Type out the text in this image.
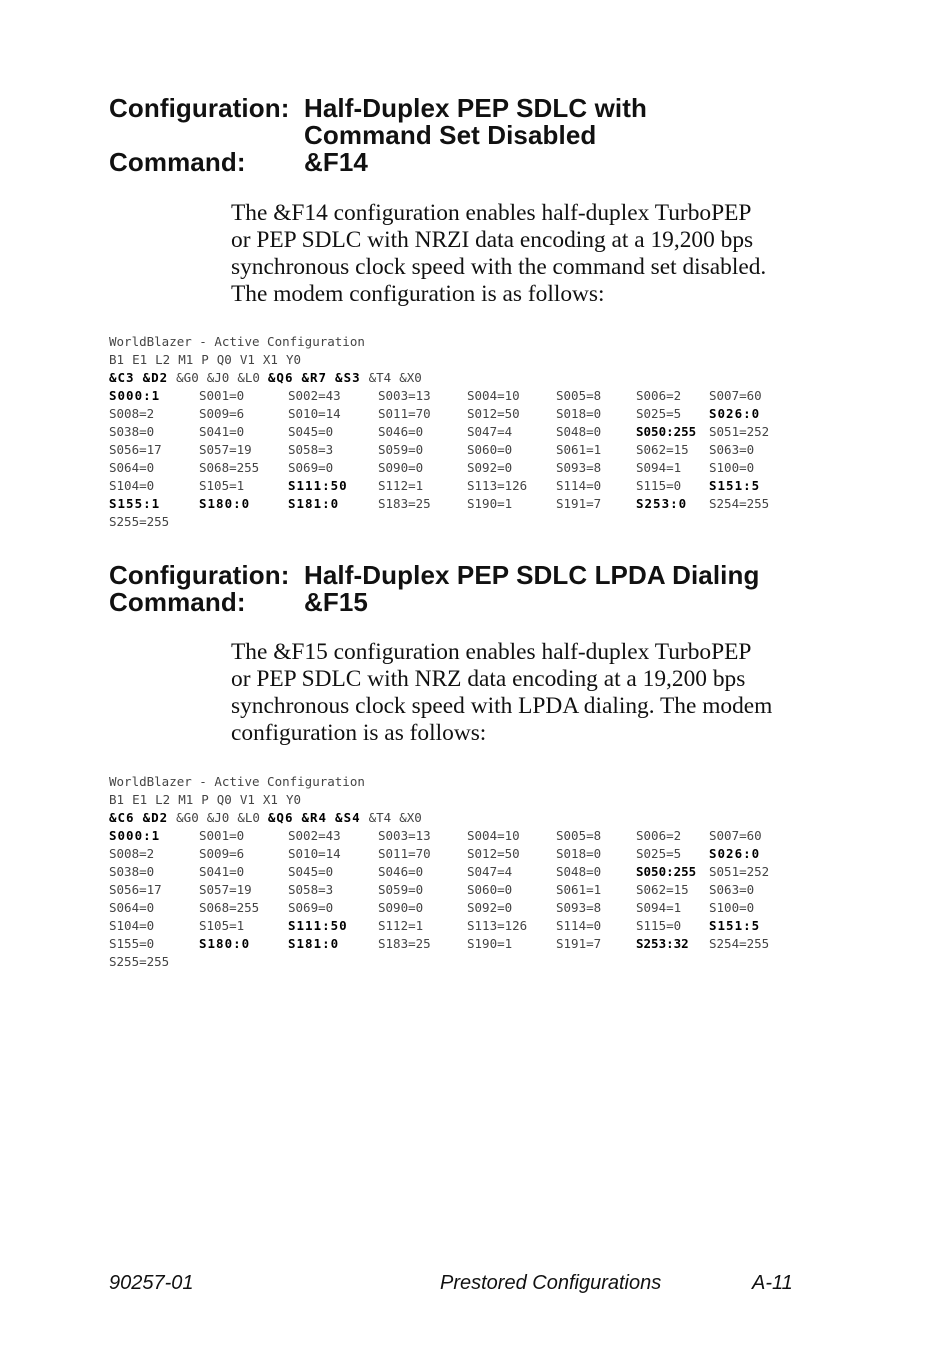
Configuration: Half-Duplex PEP SDLC with
Command Set Disabled
Command: &F14
The &F14 configuration enables half-duplex TurboPEP
or PEP SDLC with NRZI data encoding at a 19,200 bps
synchronous clock speed with the command set disabled.
The modem configuration is as follows:
WorldBlazer - Active Configuration
B1 E1 L2 M1 P Q0 V1 X1 Y0
&C3 &D2 &G0 &J0 &L0 &Q6 &R7 &S3 &T4 &X0
S000:1	S001=0	S002=43	S003=13	S004=10	S005=8	S006=2	S007=60
S008=2	S009=6	S010=14	S011=70	S012=50	S018=0	S025=5	S026:0
S038=0	S041=0	S045=0	S046=0	S047=4	S048=0	S050:255	S051=252
S056=17	S057=19	S058=3	S059=0	S060=0	S061=1	S062=15	S063=0
S064=0	S068=255	S069=0	S090=0	S092=0	S093=8	S094=1	S100=0
S104=0	S105=1	S111:50	S112=1	S113=126	S114=0	S115=0	S151:5
S155:1	S180:0	S181:0	S183=25	S190=1	S191=7	S253:0	S254=255
S255=255
Configuration: Half-Duplex PEP SDLC LPDA Dialing
Command: &F15
The &F15 configuration enables half-duplex TurboPEP
or PEP SDLC with NRZ data encoding at a 19,200 bps
synchronous clock speed with LPDA dialing. The modem
configuration is as follows:
WorldBlazer - Active Configuration
B1 E1 L2 M1 P Q0 V1 X1 Y0
&C6 &D2 &G0 &J0 &L0 &Q6 &R4 &S4 &T4 &X0
S000:1	S001=0	S002=43	S003=13	S004=10	S005=8	S006=2	S007=60
S008=2	S009=6	S010=14	S011=70	S012=50	S018=0	S025=5	S026:0
S038=0	S041=0	S045=0	S046=0	S047=4	S048=0	S050:255	S051=252
S056=17	S057=19	S058=3	S059=0	S060=0	S061=1	S062=15	S063=0
S064=0	S068=255	S069=0	S090=0	S092=0	S093=8	S094=1	S100=0
S104=0	S105=1	S111:50	S112=1	S113=126	S114=0	S115=0	S151:5
S155=0	S180:0	S181:0	S183=25	S190=1	S191=7	S253:32	S254=255
S255=255
90257-01	Prestored Configurations	A-11
